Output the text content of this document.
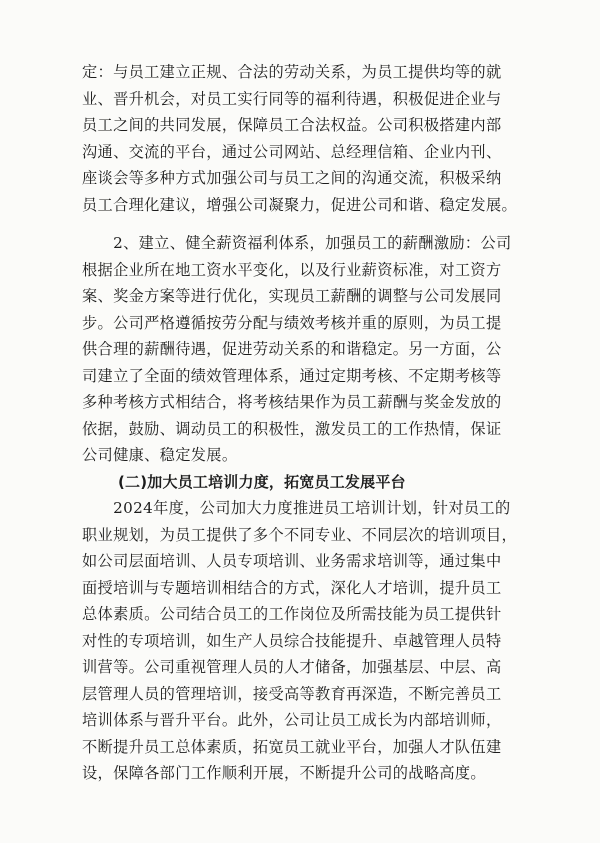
定：与员工建立正规、合法的劳动关系，为员工提供均等的就
业、晋升机会，对员工实行同等的福利待遇，积极促进企业与
员工之间的共同发展，保障员工合法权益。公司积极搭建内部
沟通、交流的平台，通过公司网站、总经理信箱、企业内刊、
座谈会等多种方式加强公司与员工之间的沟通交流，积极采纳
员工合理化建议，增强公司凝聚力，促进公司和谐、稳定发展。
　　2、建立、健全薪资福利体系，加强员工的薪酬激励：公司
根据企业所在地工资水平变化，以及行业薪资标准，对工资方
案、奖金方案等进行优化，实现员工薪酬的调整与公司发展同
步。公司严格遵循按劳分配与绩效考核并重的原则，为员工提
供合理的薪酬待遇，促进劳动关系的和谐稳定。另一方面，公
司建立了全面的绩效管理体系，通过定期考核、不定期考核等
多种考核方式相结合，将考核结果作为员工薪酬与奖金发放的
依据，鼓励、调动员工的积极性，激发员工的工作热情，保证
公司健康、稳定发展。
(二)加大员工培训力度，拓宽员工发展平台
　　2024年度，公司加大力度推进员工培训计划，针对员工的
职业规划，为员工提供了多个不同专业、不同层次的培训项目，
如公司层面培训、人员专项培训、业务需求培训等，通过集中
面授培训与专题培训相结合的方式，深化人才培训，提升员工
总体素质。公司结合员工的工作岗位及所需技能为员工提供针
对性的专项培训，如生产人员综合技能提升、卓越管理人员特
训营等。公司重视管理人员的人才储备，加强基层、中层、高
层管理人员的管理培训，接受高等教育再深造，不断完善员工
培训体系与晋升平台。此外，公司让员工成长为内部培训师，
不断提升员工总体素质，拓宽员工就业平台，加强人才队伍建
设，保障各部门工作顺利开展，不断提升公司的战略高度。
